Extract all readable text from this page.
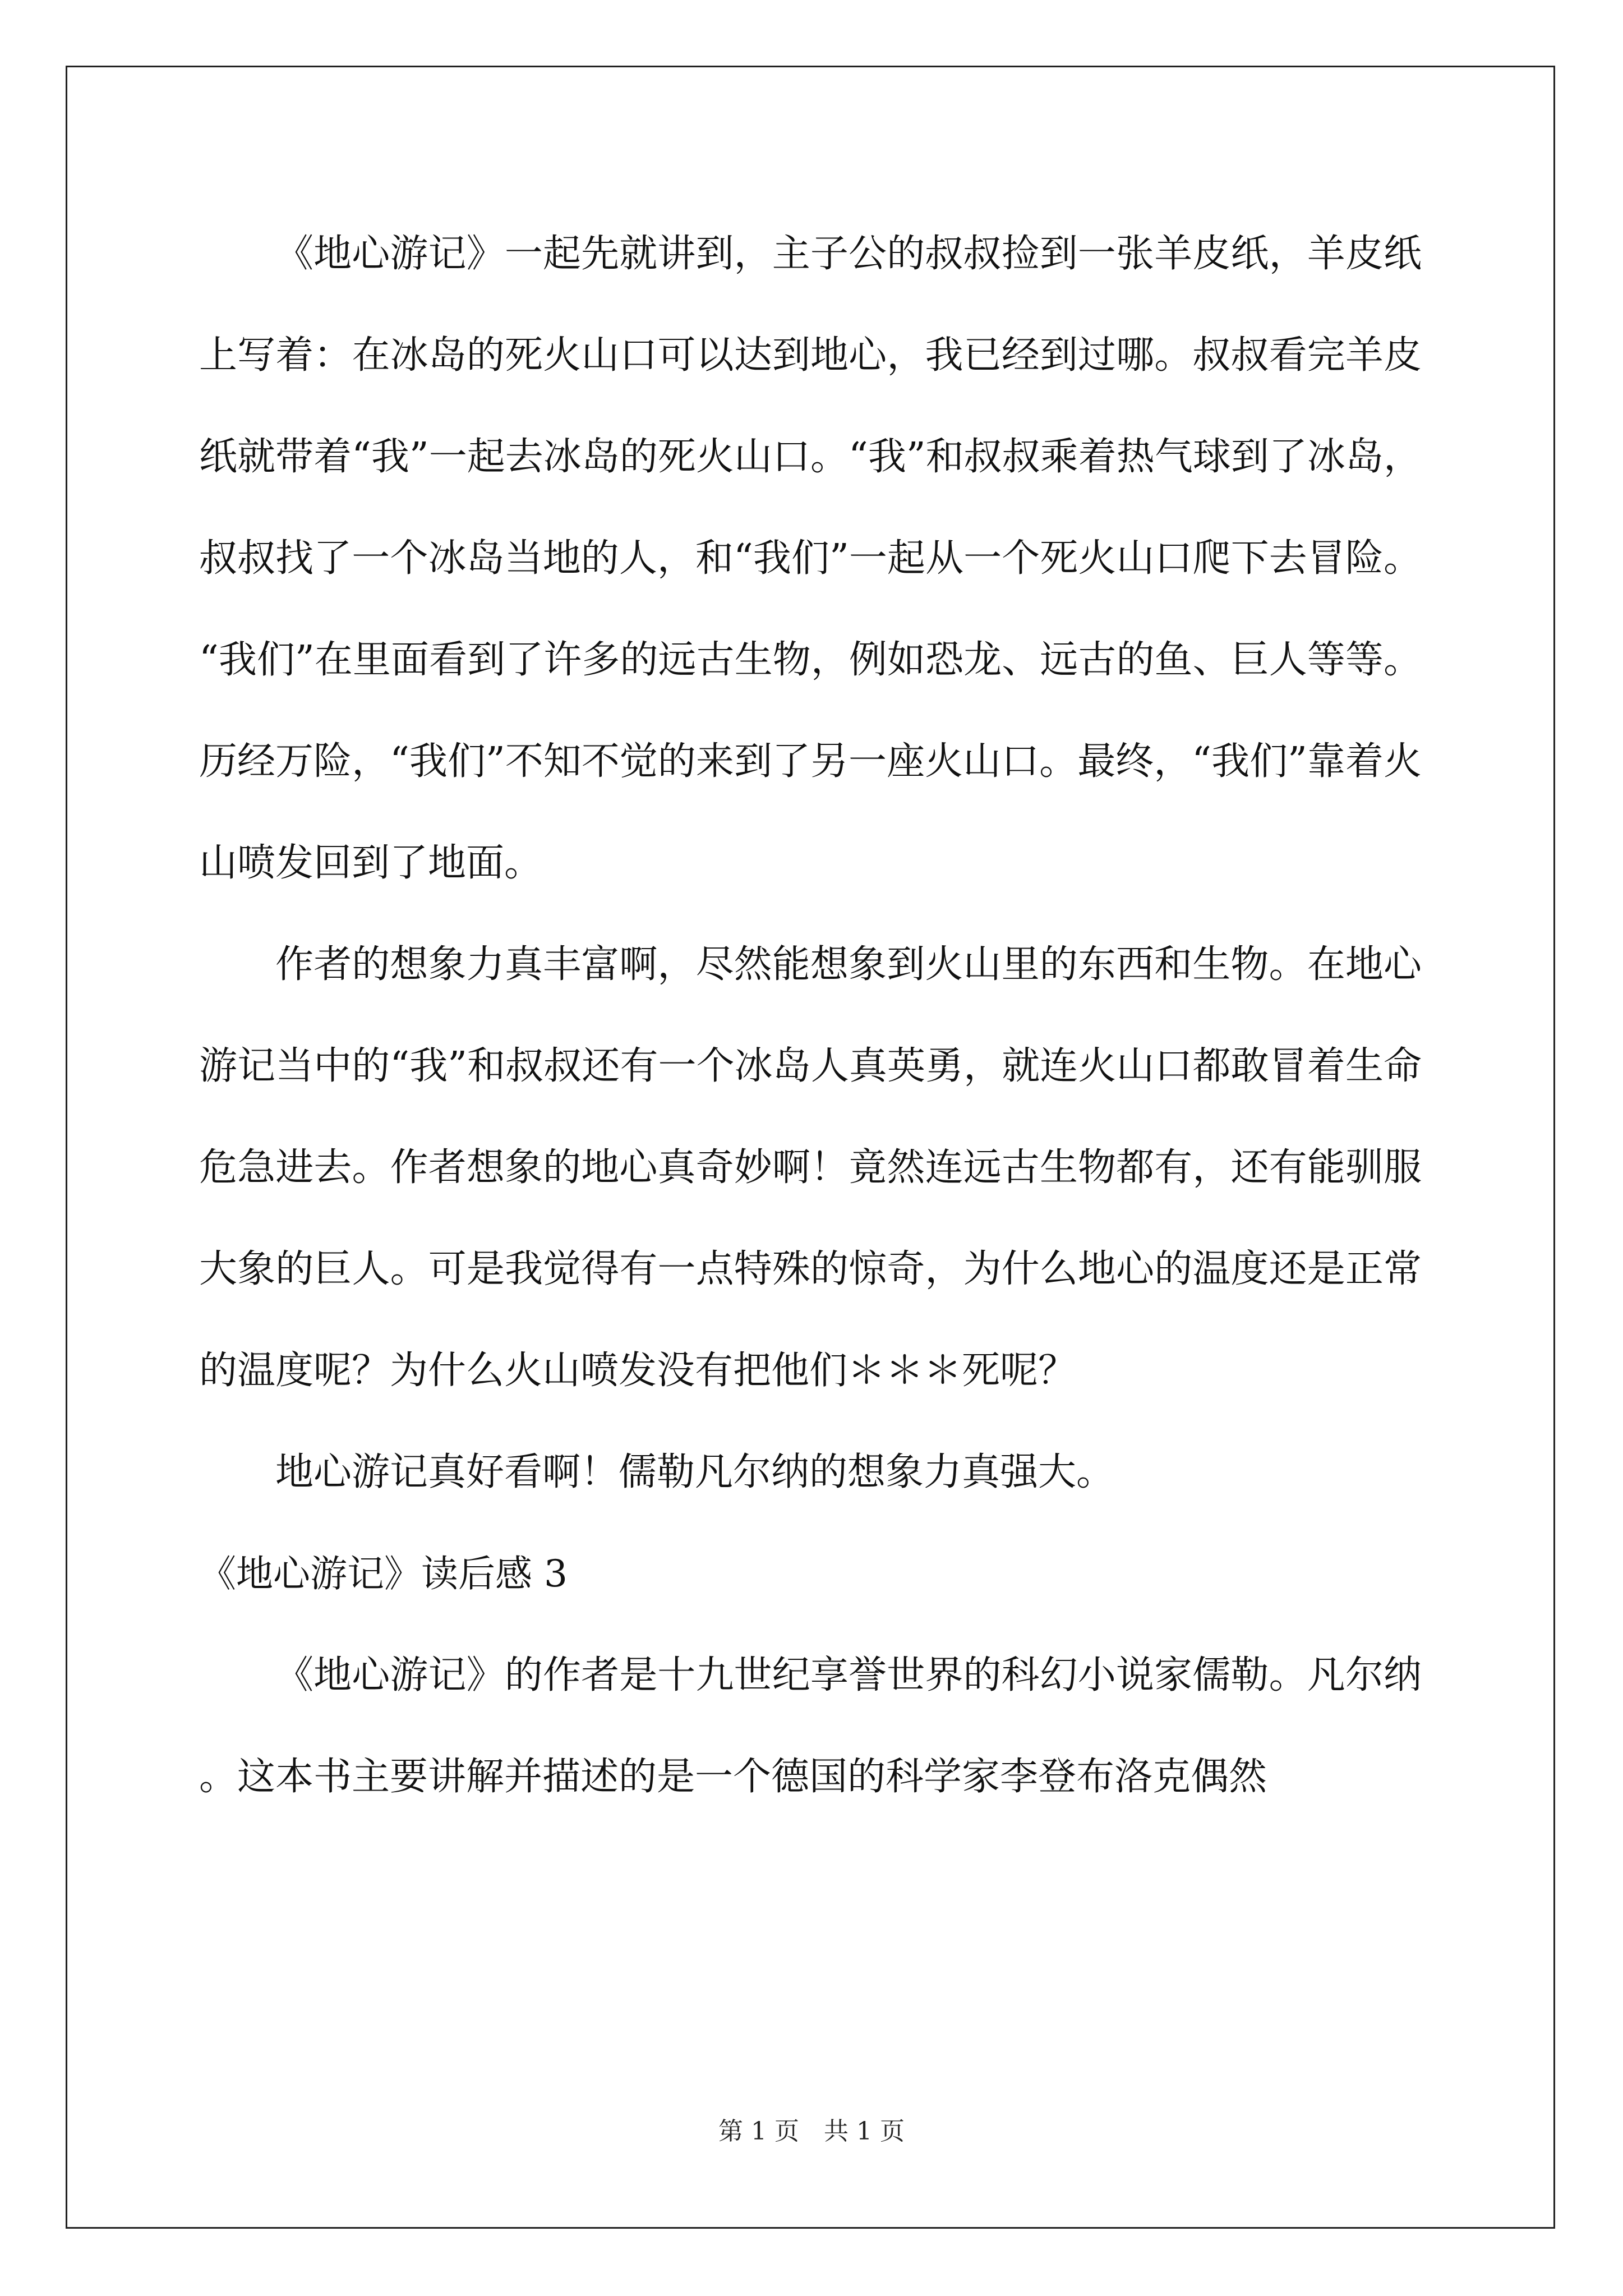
《地心游记》一起先就讲到，主子公的叔叔捡到一张羊皮纸，羊皮纸上写着：在冰岛的死火山口可以达到地心，我已经到过哪。叔叔看完羊皮纸就带着“我”一起去冰岛的死火山口。“我”和叔叔乘着热气球到了冰岛，叔叔找了一个冰岛当地的人，和“我们”一起从一个死火山口爬下去冒险。“我们”在里面看到了许多的远古生物，例如恐龙、远古的鱼、巨人等等。历经万险，“我们”不知不觉的来到了另一座火山口。最终，“我们”靠着火山喷发回到了地面。

作者的想象力真丰富啊，尽然能想象到火山里的东西和生物。在地心游记当中的“我”和叔叔还有一个冰岛人真英勇，就连火山口都敢冒着生命危急进去。作者想象的地心真奇妙啊！竟然连远古生物都有，还有能驯服大象的巨人。可是我觉得有一点特殊的惊奇，为什么地心的温度还是正常的温度呢？为什么火山喷发没有把他们＊＊＊死呢？

地心游记真好看啊！儒勒凡尔纳的想象力真强大。

《地心游记》读后感 3

《地心游记》的作者是十九世纪享誉世界的科幻小说家儒勒。凡尔纳。这本书主要讲解并描述的是一个德国的科学家李登布洛克偶然

第 1 页　共 1 页
